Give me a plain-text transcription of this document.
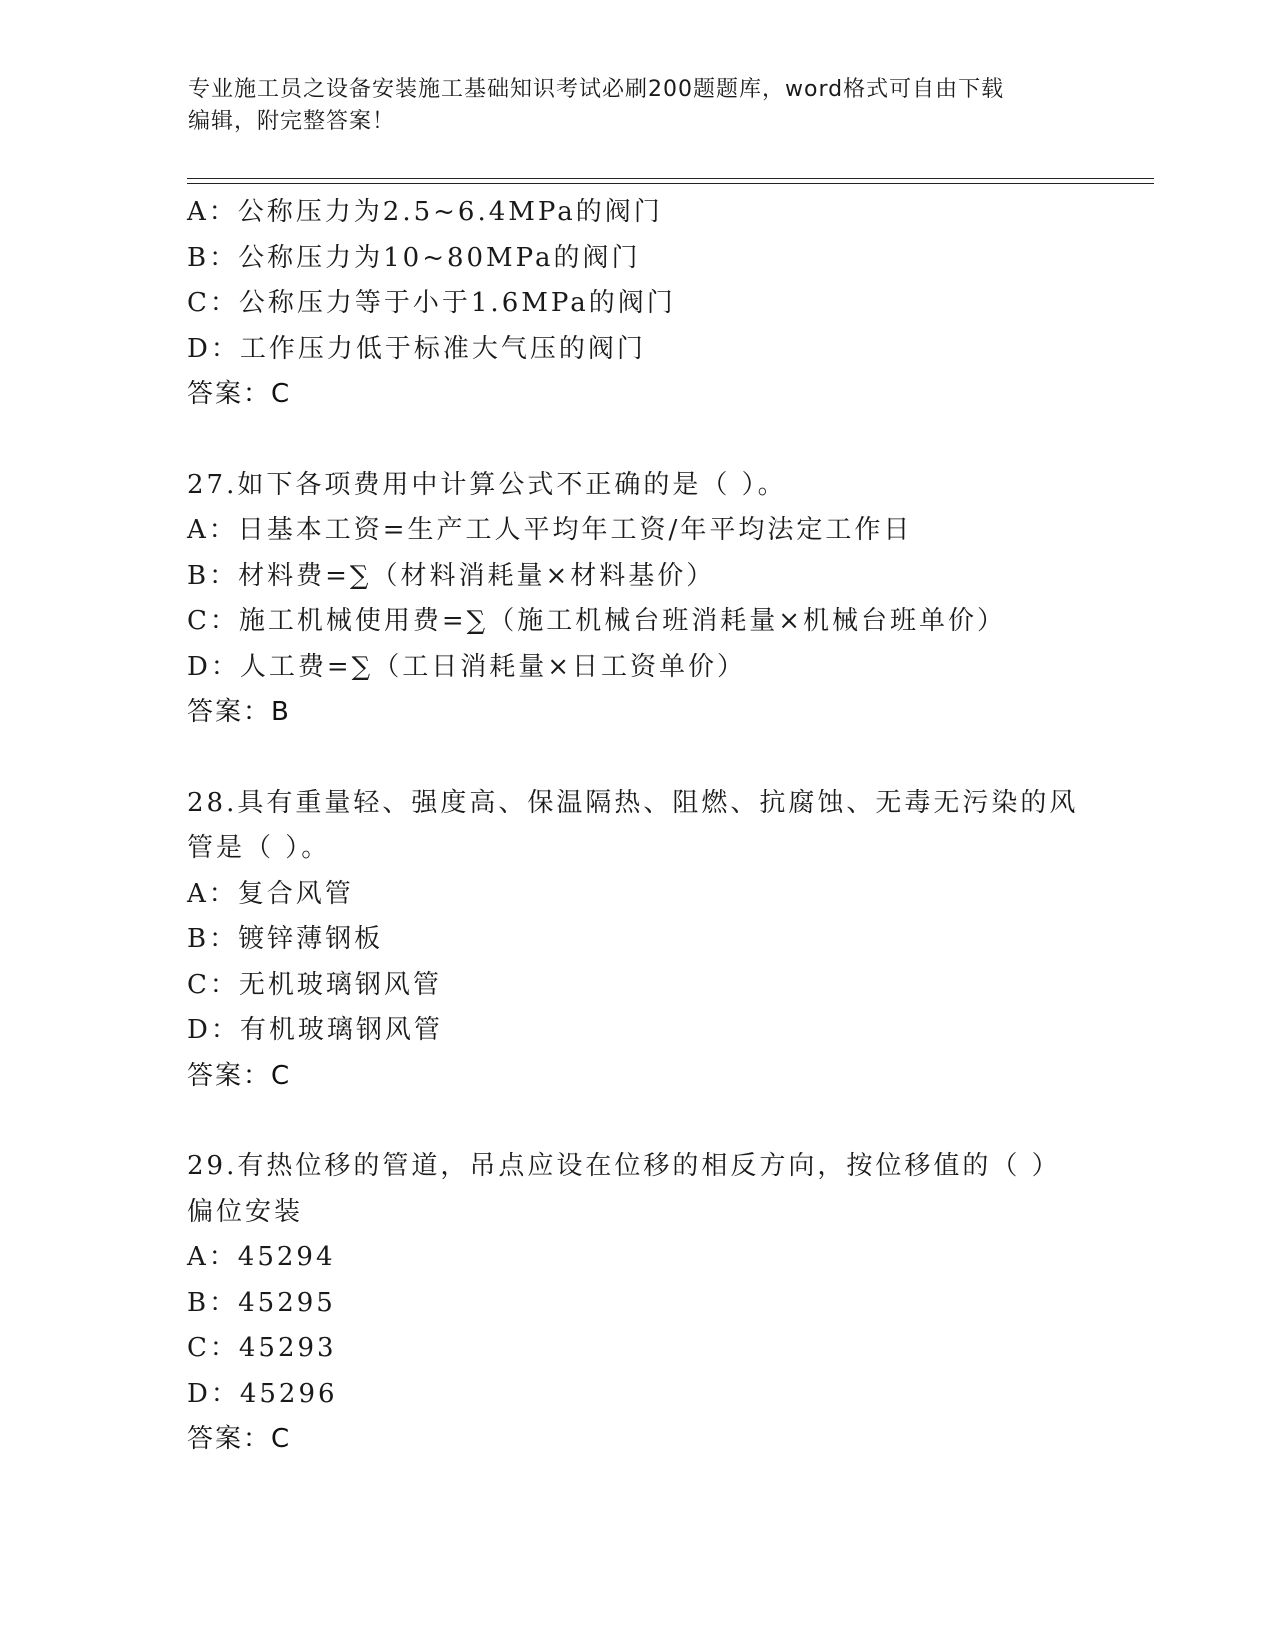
专业施工员之设备安装施工基础知识考试必刷200题题库，word格式可自由下载
编辑，附完整答案！
A：公称压力为2.5~6.4MPa的阀门
B：公称压力为10~80MPa的阀门
C：公称压力等于小于1.6MPa的阀门
D：工作压力低于标准大气压的阀门
答案：C
27.如下各项费用中计算公式不正确的是（ ）。
A：日基本工资=生产工人平均年工资/年平均法定工作日
B：材料费=∑（材料消耗量×材料基价）
C：施工机械使用费=∑（施工机械台班消耗量×机械台班单价）
D：人工费=∑（工日消耗量×日工资单价）
答案：B
28.具有重量轻、强度高、保温隔热、阻燃、抗腐蚀、无毒无污染的风
管是（ ）。
A：复合风管
B：镀锌薄钢板
C：无机玻璃钢风管
D：有机玻璃钢风管
答案：C
29.有热位移的管道，吊点应设在位移的相反方向，按位移值的（ ）
偏位安装
A：45294
B：45295
C：45293
D：45296
答案：C
